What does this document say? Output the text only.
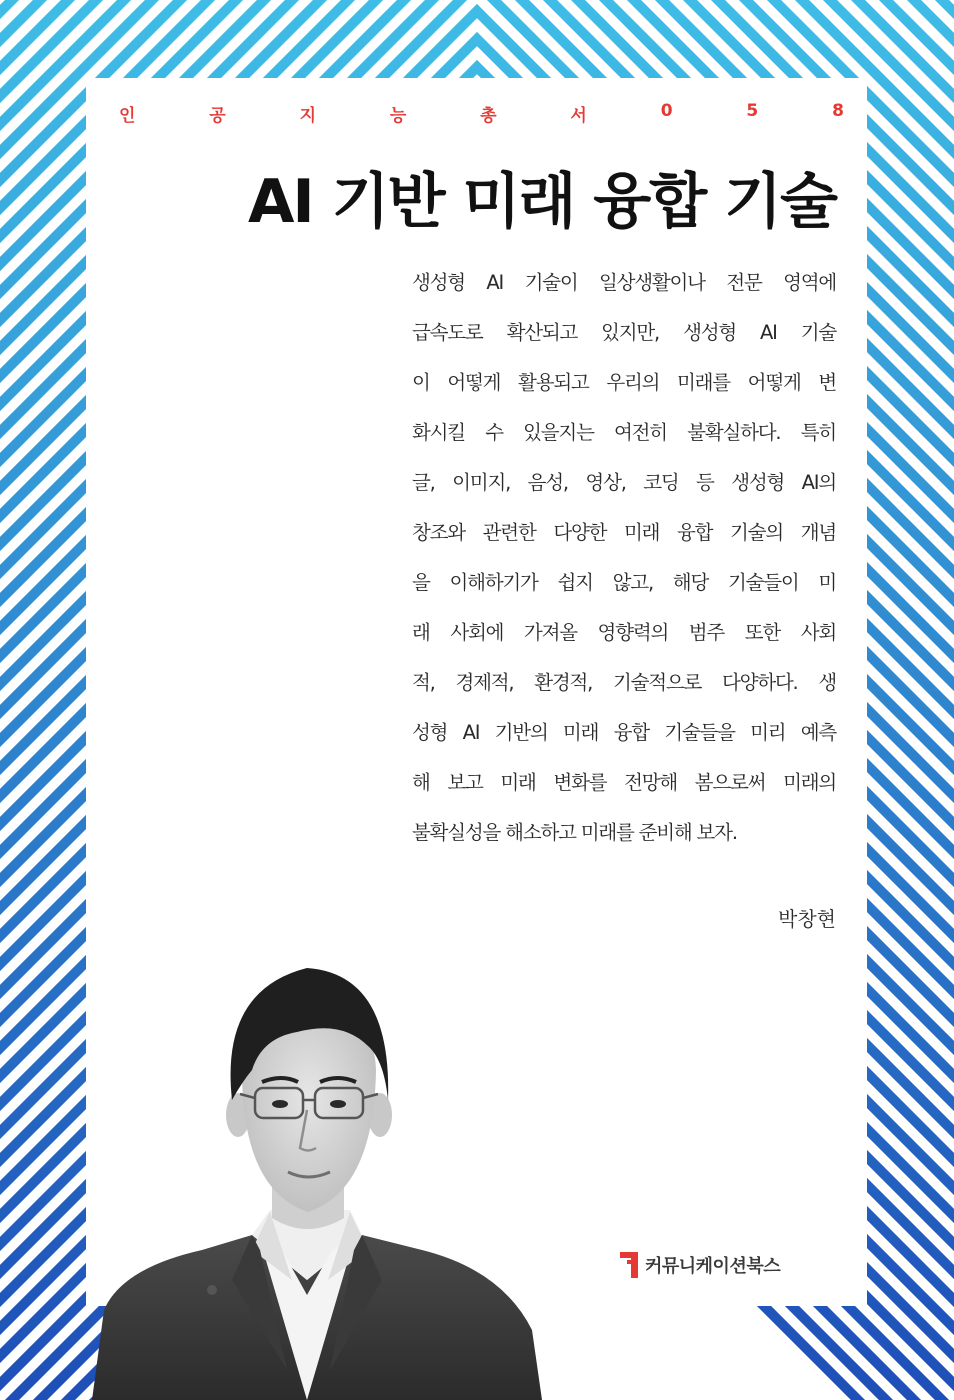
인	공	지	능	총	서	0	5	8
AI 기반 미래 융합 기술
생성형 AI 기술이 일상생활이나 전문 영역에
급속도로 확산되고 있지만, 생성형 AI 기술
이 어떻게 활용되고 우리의 미래를 어떻게 변
화시킬 수 있을지는 여전히 불확실하다. 특히
글, 이미지, 음성, 영상, 코딩 등 생성형 AI의
창조와 관련한 다양한 미래 융합 기술의 개념
을 이해하기가 쉽지 않고, 해당 기술들이 미
래 사회에 가져올 영향력의 범주 또한 사회
적, 경제적, 환경적, 기술적으로 다양하다. 생
성형 AI 기반의 미래 융합 기술들을 미리 예측
해 보고 미래 변화를 전망해 봄으로써 미래의
불확실성을 해소하고 미래를 준비해 보자.

박창현

커뮤니케이션북스
